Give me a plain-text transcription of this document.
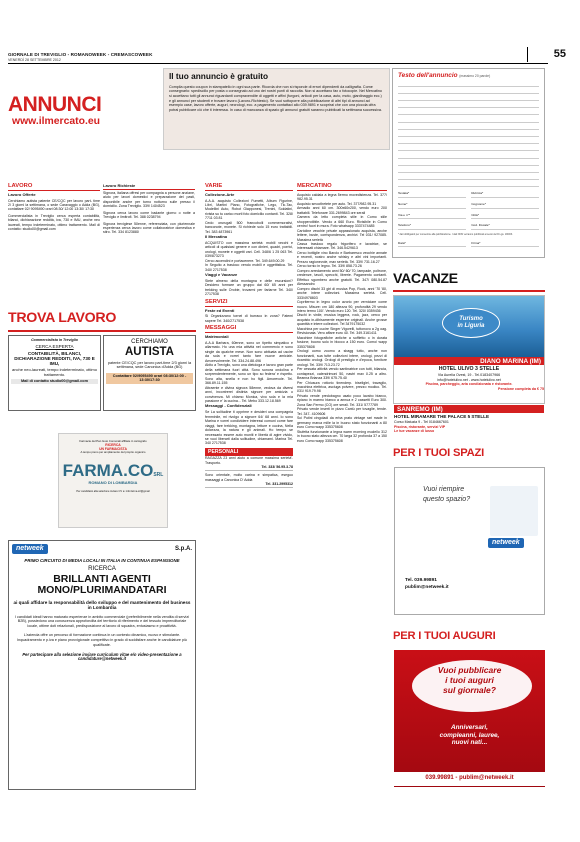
GIORNALE DI TREVIGLIO - ROMANOWEEK - CREMASCOWEEK
VENERDÌ 28 SETTEMBRE 2012	55
ANNUNCI
www.ilmercato.eu
Il tuo annuncio è gratuito

Compila questo coupon in stampatello in ogni sua parte. Ricorda che non si risponde di errori dipendenti da calligrafia. Come consegnarlo: spedisciilo per posta o consegnalo ad uno dei nostri punti di raccolta. Non si accettano fax o fotocopie. Nel Mercatino si accettano tutti gli annunci riguardanti compravendite di oggetti e affini (furgoni, articoli per la casa, auto, moto, giardinaggio ecc.) e gli annunci per studenti e trovare lavoro (Lavoro-Richiesto). Se vuoi sottoporre alla pubblicazione di altri tipi di annunci ad esempio case, lavoro offerte, auguri, necrologi, ecc. a pagamento contattaci allo 039.9891 e scoprirai che con una piccola cifra potrai pubblicare ciò che ti interessa. In caso di mancanza di spazio gli annunci gratuiti saranno pubblicati la settimana successiva.

Testo dell'annuncio (massimo 20 parole)
Testata*	Rubrica*
Nome*	Cognome*
Via e n°*	Città*
Telefono*	Cod. Fiscale*
* dati obbligatori per consentire alla pubblicazione. I dati NON verranno pubblicati ai sensi del D.Lgs. 196/03.
Data*	Firma*
LAVORO
Lavoro Offerte

Cerchiamo autista patente CE/CQC per lavoro part- time 2/ 3 giorni la settimana, o sede Caravaggio o Adda (BG), contattare 02/ 9095490 orari 08:30/ 12:00 13:30/ 17:30

Commercialista in Treviglio cerca esperta contabilità, bilanci, dichiarazione reddità, iva, 730 e IMU, anche neo laureati, tempo indeterminato, ottimo trattamento. Mail di contatto: studio00@gmail.com

Lavoro Richieste

Signora, italiana offresi per compagnia a persone anziane, aiuto per lavori domestici e preparazione dei pasti, disponibile anche per turno notturno sulle presso il domicilio. Zona Treviglio. 339/ 1404523

Signora cerca lavoro come badante giorno o notte a Treviglio e limitrofi. Tel. 388 0238794

Signora treviglese 50enne, referenziata, con pluriennale esperienza cerca lavoro come collaboratrice domestica e stiro. Tel. 334 8123880

TROVA LAVORO
Commercialista in Treviglio
CERCA ESPERTA
CONTABILITÀ, BILANCI, DICHIARAZIONE REDDITI, IVA, 730 E IMU,
anche neo-laureati, tempo indeterminato, ottimo trattamento.
Mail di contatto studio00@gmail.com
CERCHIAMO
AUTISTA
patente CE/CQC per lavoro part-time 2/3 giorni la settimana, sede Canonica d'Adda (BG)
Contattare 02/9095490 orari 08:30/12:00 - 13:30/17:30
Farmacie del Pan Guto Comunali affiliate in cartografo
RICERCA
UN FARMACISTA
A tempo pieno per ampliamento del proprio organico
FARMA.COSRL
ROMANO DI LOMBARDIA
Per candidarsi alla selezione inviare CV a: info.farma.srl@gmail
netweek	S.p.A.
PRIMO CIRCUITO DI MEDIA LOCALI IN ITALIA IN CONTINUA ESPANSIONE
RICERCA
BRILLANTI AGENTI MONO/PLURIMANDATARI
ai quali affidare la responsabilità dello sviluppo e del mantenimento del business in Lombardia
I candidati ideali hanno maturato esperienze in ambito commerciale (preferibilmente nella vendita di servizi B2B), possiedono una conoscenza approfondita del territorio di riferimento e del tessuto imprenditoriale locale, ottime doti relazionali, predisposizione al lavoro di squadra, entusiasmo e proattività.
L'azienda offre un percorso di formazione continua in un contesto dinamico, nuovo e stimolante. Inquadramento e p.iva e piano provvigionale competitivo in grado di soddisfare anche le candidature più qualificate.
Per partecipare alla selezione inviare curriculum vitae e/o video-presentazione a candidature@netweek.it
VARIE
Collezione-Arte

A.A.A. acquisto Collezioni Fumetti, Album Figurine, Libri, Martini Piano, Fotografiche, Lego, Tic-Tac, Modellini Auto, Robot Giapponesi, Trenini, Soldatini, rivista su tu carico morti foto domicilio contanti. Tel. 328/ 7711 03 81

Cedo orurugali 500 francobolli commemorativi, banconote, monete. Si richiede solo 15 euro trattabili. Tel. 383 4873961

Il Mercatino

ACQUISTO con massima serietà: mobili vecchi e articoli di qualsiasi genere e con dinieri, quadri, porrici, orologi, monete e oggetti vari. Cell. 348/6 1 25 063 Tel. 039/873273

Cerco accendini e portacenere. Tel. 349.649.00.29

In Seguito a trasloco vendo mobili e oggettistica. Tel. 340/ 2717538

Viaggi e Vacanze

Siete almeno della montagna e delle escursioni? Desidero formare un gruppo dai 60/ 65 anni per trekking sulle Orobie, trovarmi per farlarne Tel. 340/ 2717538

SERVIZI
Feste ed Eventi

Si Organizzano tornei di burraco in zona? Fatemi sapere Tel. 340/2717538

MESSAGGI
Matrimoniali

A.A.A Barbara, 60enne, sono un tipetto simpatico e allarmato. Ho una mia attività nel commercio e sono single da qualche mese. Non sono abituata ad uscire da sola e vorrei tanto fare nuove amicizie. Amorevolmente. Tel. 334.24.88.496

Abito a Treviglio, sono una dietologa e lavoro gran parte della settimana fuori città. Sono sonora ondolina e sorprendentemente, sono un tipo so federa' e rispetto. Sono alta, snella e non ho figli. Amorevole. Tel. 366.89.11.155

Attraente e divina signora 58enne, vedova da diversi anni, incontrerei distinta signore per amicizia o convivenza. Mi chiamo Monica, vivo sola e la mia passione e' la cucina... Tel. Mebo 333.12.18.569

Messaggi - Confidenziali

Se La solitudine ti opprime e desideri una compagnia femminile, mi rivolgo a signore 64/ 68 anni. Io sono Marina e vorrei condividere interessi comuni come fare viaggi, fare trekking, montagna, letture e cucina, Nella dolcezza, la natura e gli animali. Ho tempo se necessario essere auto muniti e libertà di agire vivido, se vuoi liberarti dalla solitudine, chiamami. Marina Tel. 340 2717538

PERSONALI

RAGAZZA 23 anni aiuto a comune massima serietà'. Trasporto.

Tel. 333/ 56.95.3.78

Sono orientale, molto carina e simpatica, eseguo massaggi a Canonica D' Adda

Tel. 331.2995312
MERCATINO

Acquisto caldaia a legna 5ermo movedistenza. Tel. 377/ 982.95.31

Acquisto smoothetete per auto. Tel. 377/982.95.31

Armadio anni 60 cm. 300x60x200, vendo euro 200 trattabili. Telefonare 331.2699843 ore serali

Camera da letto completa stile in Como stile shopperotibile. Vendo a 660 Euro. Rivisibile in Como centro! fuori in mura. Foto whatsapp 3337474485

Cartoline vecchie private appassionato acquista, anche lettere, buste, corrispondenza, archivi. Tel 031/ 927085. Massima serietà

Cassa trasloco regalo frigorifero e lavatrice, se interessati chiamare. Tel. 346.5429613

Cerco bottiglie vino Barolo e Barbaresco vecchie annate e recenti, nostro anche whisky e altri vini importanti. Prezzo ragionevole, max serietà. Tel. 339/ 731.16.27

Cerco tornio in legno. Tel. 339/ 858.73.26

Compro arredamento anni 50/ 60/ 70, lampade, poltrone, credenze, tavoli, specchi, librerie. Pagamento contanti. Effettuo sgombero anche gratuiti. Tel. 347/ 080.54.87 Alessandro

Compro dischi 33 giri di musica Pop, Rock, anni '70 '80, anche intere collezioni. Massima serietà. Cell. 333/4978803

Copritermo in legno color avorio per verniciare come nuovo. Misure: cm 180 altezza 90, profondità 29 vendo intero termo 100'. Vendo euro 120. Tel. 320/ 0359436

Dischi in vinile, musica leggera, rock, jazz, cerco per acquisto in-dibisamente esperine originali. Anche grosse quantità e intere collezioni. Tel 3479175032

Macchina per cucire Singer Vigorelli, tuttonovo a 2g oag. Revisionata. Vero affare euro 40. Tel. 349.3161411

Macchine fotografiche antiche a soffietto o in durata fusione, buono solo in blocco a 150 euro. Como/ wapp 335375608

Orologi uomo zoomo a sbagg tutto, anche non funzionanti, sua tutte collezioni intere, orologi, pezzi di ricambio orologi. Orologi di prestigio e d'epoca, fornitore orologi. Tel. 339/ 713.23.72

Per cessata attività vendo santinatrice con tutti, bilancia, contapezzi, calendrimoni 50, nastri max 0.25 a altro. Beanna Brianza 339/ 675.75.40

Per Chiusura rottorio tinenderp. biseliglei, travaglio, macchina elettrica, asciuga polvere, prezzo modico. Tel. 031/ 919.79.98

Privato vende predobagno usato poco lavabo bianco, ripiano in marmo bianco a annua e 2 cassetti Euro 300. Zona San Fermo (CO) ore serali. Tel. 331/ 5777789

Privato vende inserti in pizzo Cantù per tovaglie, tende. Tel. 347- 4109606

Sci Putini cingoladi da erba prato vintage rari made in germany marca mille la in buono stato funzionanti a 80 euro Como wapp 335375608

Stufetta funzionante a legna warm morning modello 312 in buono stato altezza cm. 70 larga 32 profonda 37 a 150 euro Como wapp 335375608

VACANZE
Turismo
in Liguria
DIANO MARINA (IM)
HOTEL ULIVO 3 STELLE
Via Aurelia Ovest, 19 - Tel.0183407966
info@hotelulivo.net - www.hotelulivo.net
Piscina, parcheggio, aria condizionata e ristorante.
Pensione completa da € 75
SANREMO (IM)
HOTEL MIRAMARE THE PALACE 5 STELLE
Corso Matuzia 9 - Tel 0184667601
Piscina, ristorante, servizi VIP
Le tue vacanze di lusso
PER I TUOI SPAZI
Vuoi riempire
questo spazio?
netweek
Tel. 039.99891
publim@netweek.it
PER I TUOI AUGURI
Vuoi pubblicare
i tuoi auguri
sul giornale?
Anniversari,
compleanni, lauree,
nuovi nati...
039.99891 - publim@netweek.it
